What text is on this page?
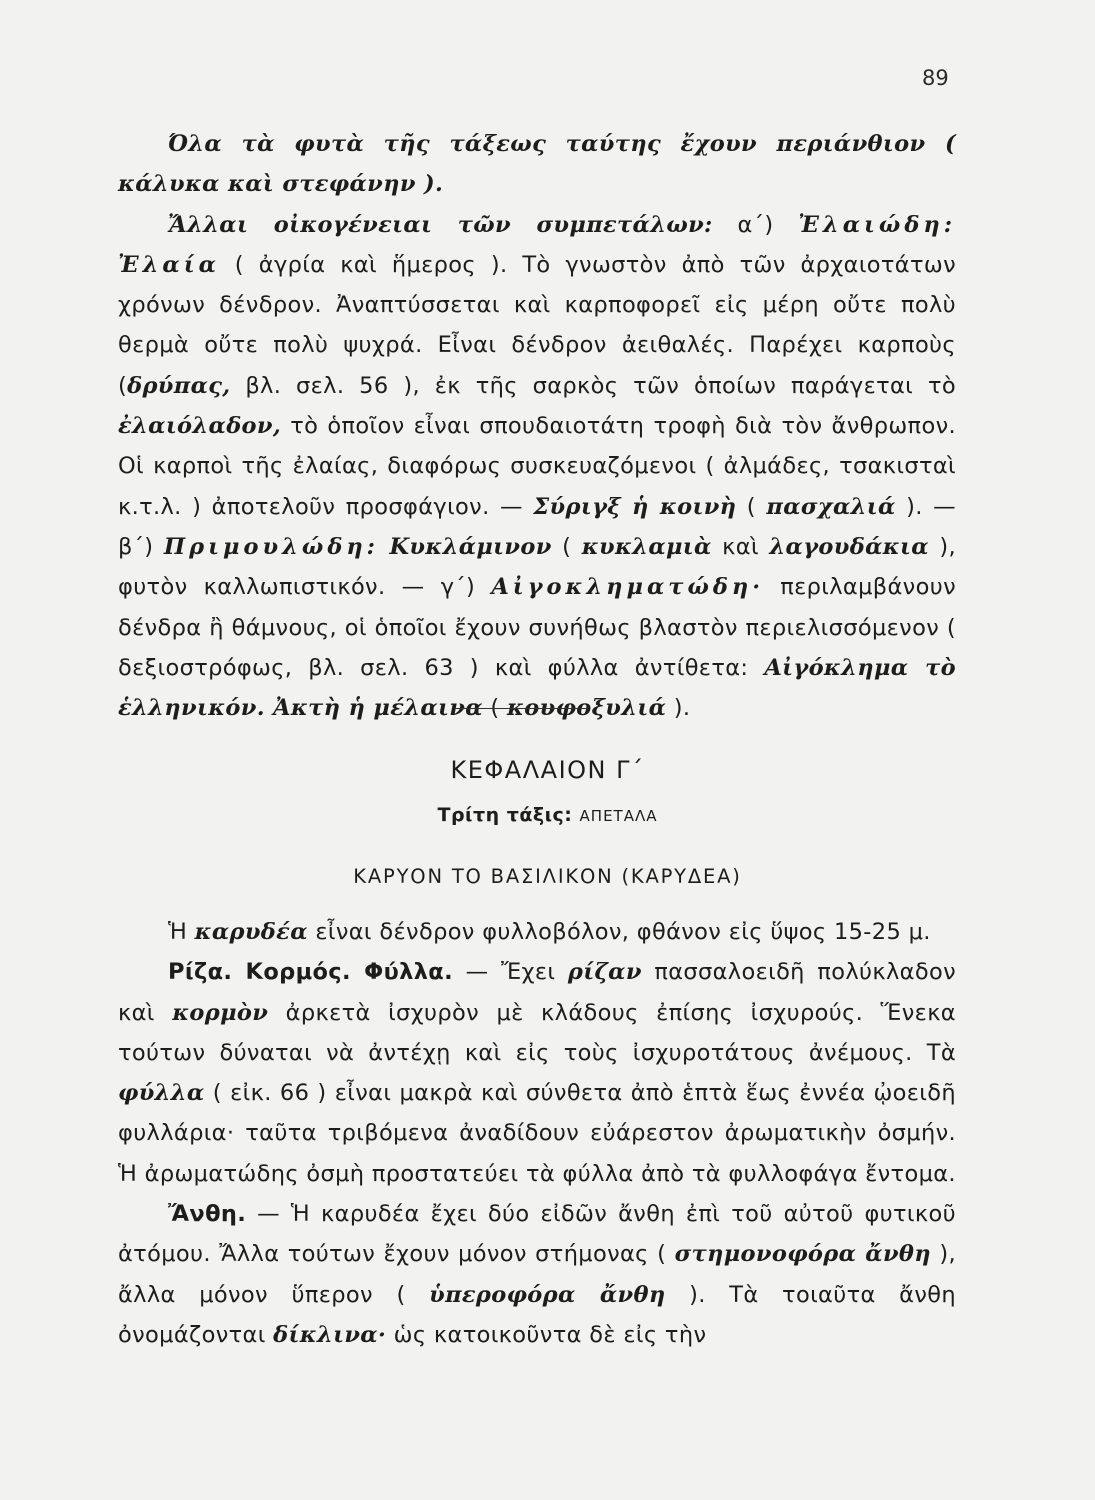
89

Όλα τὰ φυτὰ τῆς τάξεως ταύτης ἔχουν περιάνθιον ( κάλυκα καὶ στεφάνην ).

Ἄλλαι οἰκογένειαι τῶν συμπετάλων: α΄) Ἐλαιώδη: Ἐλαία ( ἀγρία καὶ ἥμερος ). Τὸ γνωστὸν ἀπὸ τῶν ἀρχαιοτάτων χρόνων δένδρον. Ἀναπτύσσεται καὶ καρποφορεῖ εἰς μέρη οὔτε πολὺ θερμὰ οὔτε πολὺ ψυχρά. Εἶναι δένδρον ἀειθαλές. Παρέχει καρποὺς (δρύπας, βλ. σελ. 56 ), ἐκ τῆς σαρκὸς τῶν ὁποίων παράγεται τὸ ἐλαιόλαδον, τὸ ὁποῖον εἶναι σπουδαιοτάτη τροφὴ διὰ τὸν ἄνθρωπον. Οἱ καρποὶ τῆς ἐλαίας, διαφόρως συσκευαζόμενοι ( ἀλμάδες, τσακισταὶ κ.τ.λ. ) ἀποτελοῦν προσφάγιον. — Σύριγξ ἡ κοινὴ ( πασχαλιά ). — β΄) Πριμουλώδη: Κυκλάμινον ( κυκλαμιὰ καὶ λαγουδάκια ), φυτὸν καλλωπιστικόν. — γ΄) Αἰγοκληματώδη· περιλαμβάνουν δένδρα ἢ θάμνους, οἱ ὁποῖοι ἔχουν συνήθως βλαστὸν περιελισσόμενον ( δεξιοστρόφως, βλ. σελ. 63 ) καὶ φύλλα ἀντίθετα: Αἰγόκλημα τὸ ἑλληνικόν. Ἀκτὴ ἡ μέλαινα ( κουφοξυλιά ).

ΚΕΦΑΛΑΙΟΝ Γ΄
Τρίτη τάξις: ΑΠΕΤΑΛΑ
ΚΑΡΥΟΝ ΤΟ ΒΑΣΙΛΙΚΟΝ (ΚΑΡΥΔΕΑ)

Ἡ καρυδέα εἶναι δένδρον φυλλοβόλον, φθάνον εἰς ὕψος 15-25 μ.

Ρίζα. Κορμός. Φύλλα. — Ἔχει ρίζαν πασσαλοειδῆ πολύκλαδον καὶ κορμὸν ἀρκετὰ ἰσχυρὸν μὲ κλάδους ἐπίσης ἰσχυρούς. Ἕνεκα τούτων δύναται νὰ ἀντέχῃ καὶ εἰς τοὺς ἰσχυροτάτους ἀνέμους. Τὰ φύλλα ( εἰκ. 66 ) εἶναι μακρὰ καὶ σύνθετα ἀπὸ ἑπτὰ ἕως ἐννέα ᾠοειδῆ φυλλάρια· ταῦτα τριβόμενα ἀναδίδουν εὐάρεστον ἀρωματικὴν ὀσμήν. Ἡ ἀρωματώδης ὀσμὴ προστατεύει τὰ φύλλα ἀπὸ τὰ φυλλοφάγα ἔντομα.

Ἄνθη. — Ἡ καρυδέα ἔχει δύο εἰδῶν ἄνθη ἐπὶ τοῦ αὐτοῦ φυτικοῦ ἀτόμου. Ἄλλα τούτων ἔχουν μόνον στήμονας ( στημονοφόρα ἄνθη ), ἄλλα μόνον ὕπερον ( ὑπεροφόρα ἄνθη ). Τὰ τοιαῦτα ἄνθη ὀνομάζονται δίκλινα· ὡς κατοικοῦντα δὲ εἰς τὴν
